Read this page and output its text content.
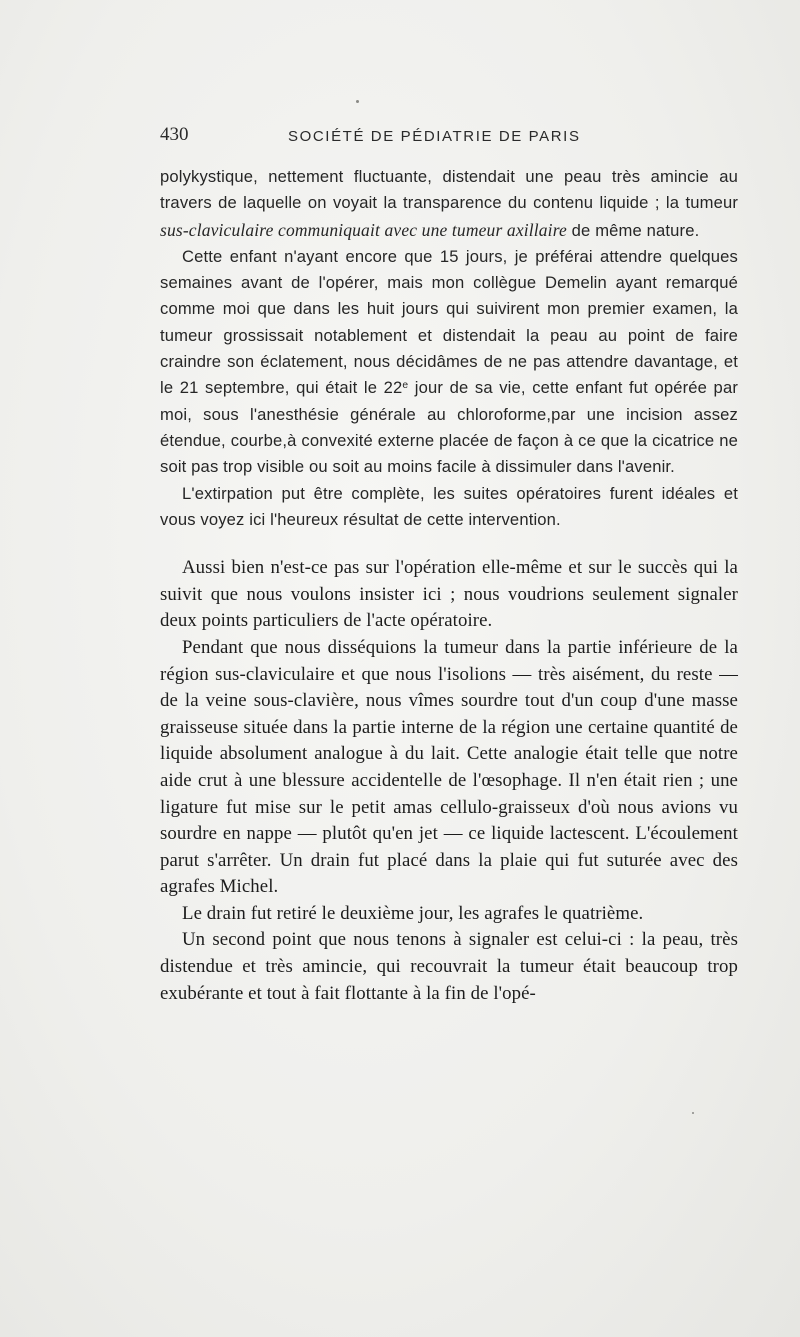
430	SOCIÉTÉ DE PÉDIATRIE DE PARIS

polykystique, nettement fluctuante, distendait une peau très amincie au travers de laquelle on voyait la transparence du contenu liquide ; la tumeur sus-claviculaire communiquait avec une tumeur axillaire de même nature.

Cette enfant n'ayant encore que 15 jours, je préférai attendre quelques semaines avant de l'opérer, mais mon collègue Demelin ayant remarqué comme moi que dans les huit jours qui suivirent mon premier examen, la tumeur grossissait notablement et distendait la peau au point de faire craindre son éclatement, nous décidâmes de ne pas attendre davantage, et le 21 septembre, qui était le 22e jour de sa vie, cette enfant fut opérée par moi, sous l'anesthésie générale au chloroforme,par une incision assez étendue, courbe,à convexité externe placée de façon à ce que la cicatrice ne soit pas trop visible ou soit au moins facile à dissimuler dans l'avenir.

L'extirpation put être complète, les suites opératoires furent idéales et vous voyez ici l'heureux résultat de cette intervention.

Aussi bien n'est-ce pas sur l'opération elle-même et sur le succès qui la suivit que nous voulons insister ici ; nous voudrions seulement signaler deux points particuliers de l'acte opératoire.

Pendant que nous disséquions la tumeur dans la partie inférieure de la région sus-claviculaire et que nous l'isolions — très aisément, du reste — de la veine sous-clavière, nous vîmes sourdre tout d'un coup d'une masse graisseuse située dans la partie interne de la région une certaine quantité de liquide absolument analogue à du lait. Cette analogie était telle que notre aide crut à une blessure accidentelle de l'œsophage. Il n'en était rien ; une ligature fut mise sur le petit amas cellulo-graisseux d'où nous avions vu sourdre en nappe — plutôt qu'en jet — ce liquide lactescent. L'écoulement parut s'arrêter. Un drain fut placé dans la plaie qui fut suturée avec des agrafes Michel.

Le drain fut retiré le deuxième jour, les agrafes le quatrième.

Un second point que nous tenons à signaler est celui-ci : la peau, très distendue et très amincie, qui recouvrait la tumeur était beaucoup trop exubérante et tout à fait flottante à la fin de l'opé-
